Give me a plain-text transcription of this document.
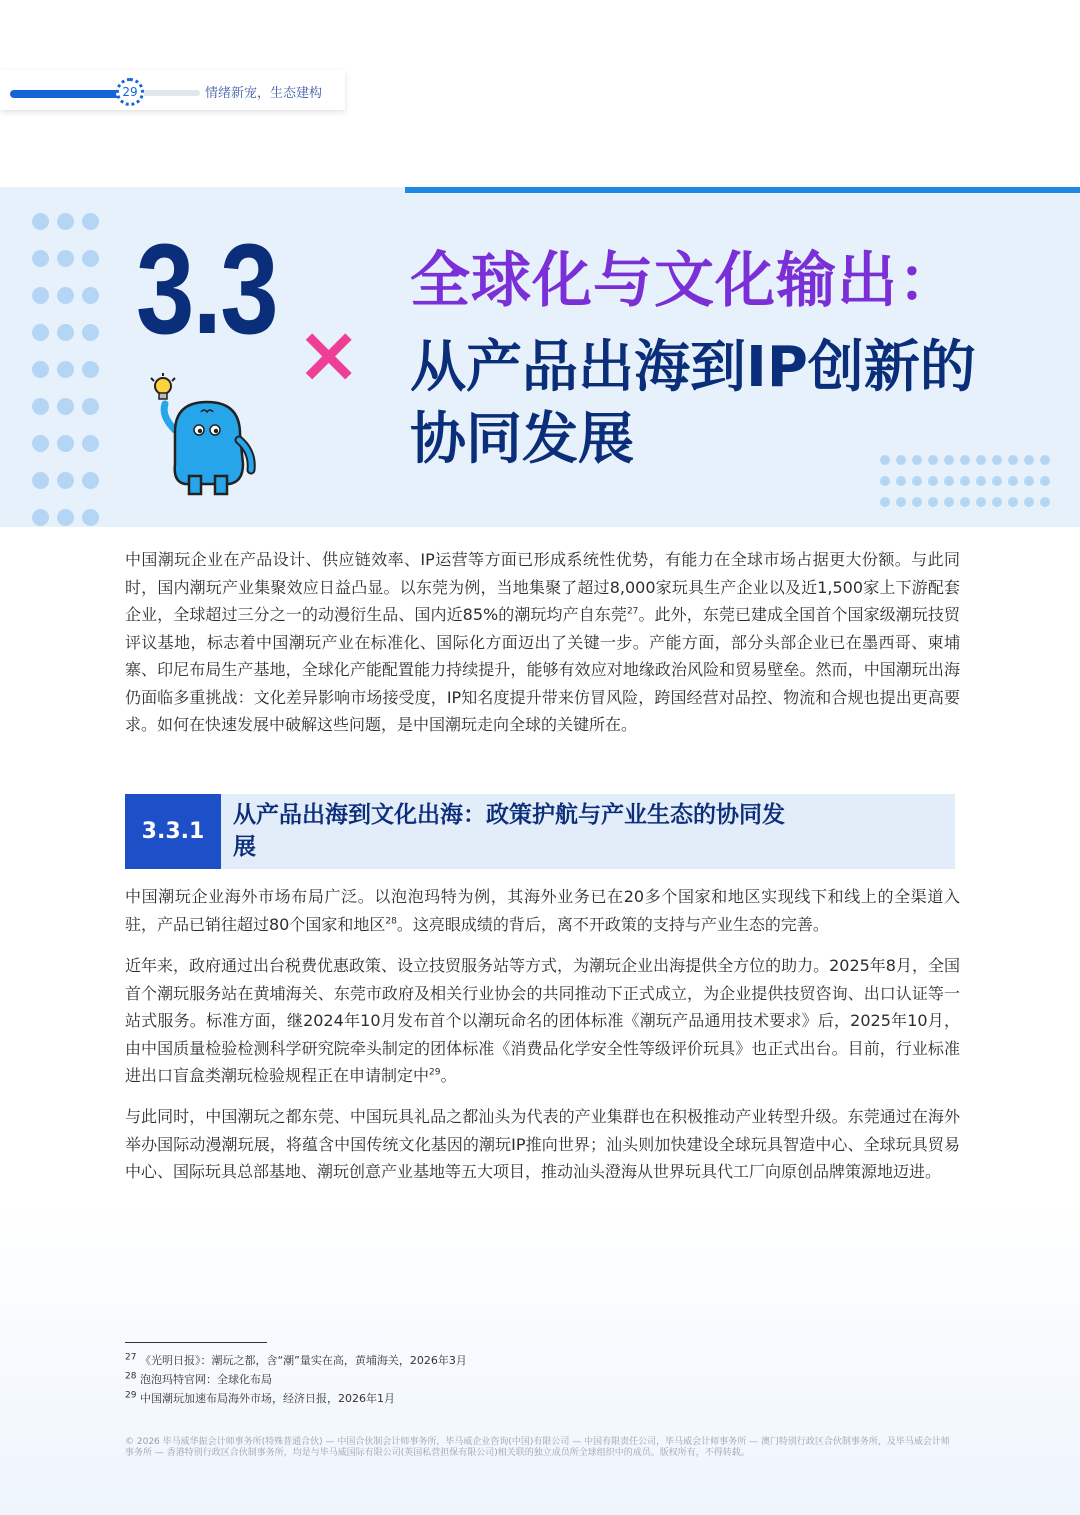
29	情绪新宠，生态建构

3.3 ×
全球化与文化输出：
从产品出海到IP创新的协同发展
中国潮玩企业在产品设计、供应链效率、IP运营等方面已形成系统性优势，有能力在全球市场占据更大份额。与此同时，国内潮玩产业集聚效应日益凸显。以东莞为例，当地集聚了超过8,000家玩具生产企业以及近1,500家上下游配套企业，全球超过三分之一的动漫衍生品、国内近85%的潮玩均产自东莞$^{27}$。此外，东莞已建成全国首个国家级潮玩技贸评议基地，标志着中国潮玩产业在标准化、国际化方面迈出了关键一步。产能方面，部分头部企业已在墨西哥、柬埔寨、印尼布局生产基地，全球化产能配置能力持续提升，能够有效应对地缘政治风险和贸易壁垒。然而，中国潮玩出海仍面临多重挑战：文化差异影响市场接受度，IP知名度提升带来仿冒风险，跨国经营对品控、物流和合规也提出更高要求。如何在快速发展中破解这些问题，是中国潮玩走向全球的关键所在。
3.3.1
从产品出海到文化出海：政策护航与产业生态的协同发展
中国潮玩企业海外市场布局广泛。以泡泡玛特为例，其海外业务已在20多个国家和地区实现线下和线上的全渠道入驻，产品已销往超过80个国家和地区$^{28}$。这亮眼成绩的背后，离不开政策的支持与产业生态的完善。
近年来，政府通过出台税费优惠政策、设立技贸服务站等方式，为潮玩企业出海提供全方位的助力。2025年8月，全国首个潮玩服务站在黄埔海关、东莞市政府及相关行业协会的共同推动下正式成立，为企业提供技贸咨询、出口认证等一站式服务。标准方面，继2024年10月发布首个以潮玩命名的团体标准《潮玩产品通用技术要求》后，2025年10月，由中国质量检验检测科学研究院牵头制定的团体标准《消费品化学安全性等级评价玩具》也正式出台。目前，行业标准进出口盲盒类潮玩检验规程正在申请制定中$^{29}$。
与此同时，中国潮玩之都东莞、中国玩具礼品之都汕头为代表的产业集群也在积极推动产业转型升级。东莞通过在海外举办国际动漫潮玩展，将蕴含中国传统文化基因的潮玩IP推向世界；汕头则加快建设全球玩具智造中心、全球玩具贸易中心、国际玩具总部基地、潮玩创意产业基地等五大项目，推动汕头澄海从世界玩具代工厂向原创品牌策源地迈进。
$^{27}$ 《光明日报》：潮玩之都，含“潮”量实在高，黄埔海关，2026年3月
$^{28}$ 泡泡玛特官网：全球化布局
$^{29}$ 中国潮玩加速布局海外市场，经济日报，2026年1月
© 2026 毕马威华振会计师事务所(特殊普通合伙) — 中国合伙制会计师事务所，毕马威企业咨询(中国)有限公司 — 中国有限责任公司，毕马威会计师事务所 — 澳门特别行政区合伙制事务所，及毕马威会计师事务所 — 香港特别行政区合伙制事务所，均是与毕马威国际有限公司(英国私营担保有限公司)相关联的独立成员所全球组织中的成员。版权所有，不得转载。
